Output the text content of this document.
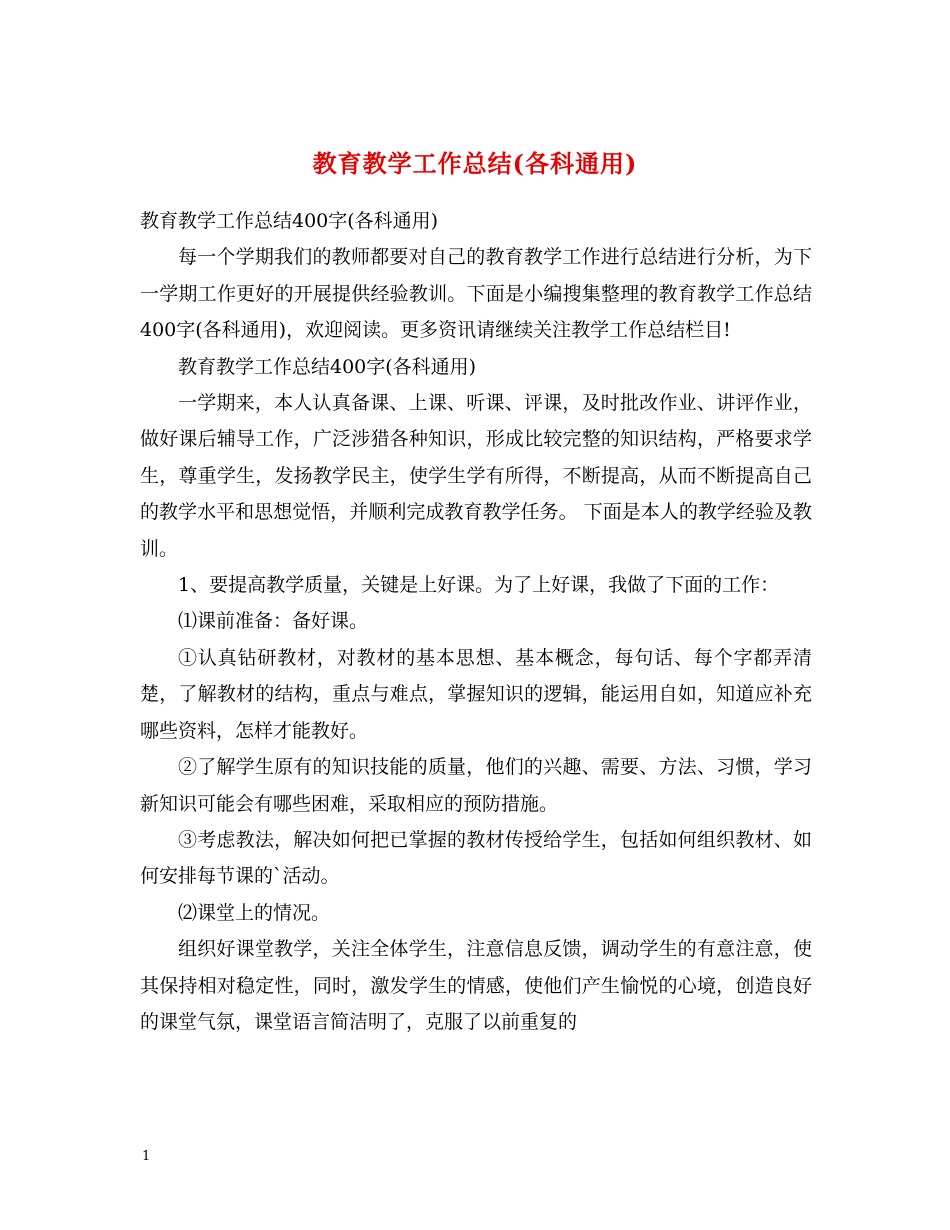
教育教学工作总结(各科通用)

教育教学工作总结400字(各科通用)

每一个学期我们的教师都要对自己的教育教学工作进行总结进行分析，为下一学期工作更好的开展提供经验教训。下面是小编搜集整理的教育教学工作总结400字(各科通用)，欢迎阅读。更多资讯请继续关注教学工作总结栏目!

教育教学工作总结400字(各科通用)

一学期来，本人认真备课、上课、听课、评课，及时批改作业、讲评作业，做好课后辅导工作，广泛涉猎各种知识，形成比较完整的知识结构，严格要求学生，尊重学生，发扬教学民主，使学生学有所得，不断提高，从而不断提高自己的教学水平和思想觉悟，并顺利完成教育教学任务。 下面是本人的教学经验及教训。

1、要提高教学质量，关键是上好课。为了上好课，我做了下面的工作：

⑴课前准备：备好课。

①认真钻研教材，对教材的基本思想、基本概念，每句话、每个字都弄清楚，了解教材的结构，重点与难点，掌握知识的逻辑，能运用自如，知道应补充哪些资料，怎样才能教好。

②了解学生原有的知识技能的质量，他们的兴趣、需要、方法、习惯，学习新知识可能会有哪些困难，采取相应的预防措施。

③考虑教法，解决如何把已掌握的教材传授给学生，包括如何组织教材、如何安排每节课的`活动。

⑵课堂上的情况。

组织好课堂教学，关注全体学生，注意信息反馈，调动学生的有意注意，使其保持相对稳定性，同时，激发学生的情感，使他们产生愉悦的心境，创造良好的课堂气氛，课堂语言简洁明了，克服了以前重复的

1
